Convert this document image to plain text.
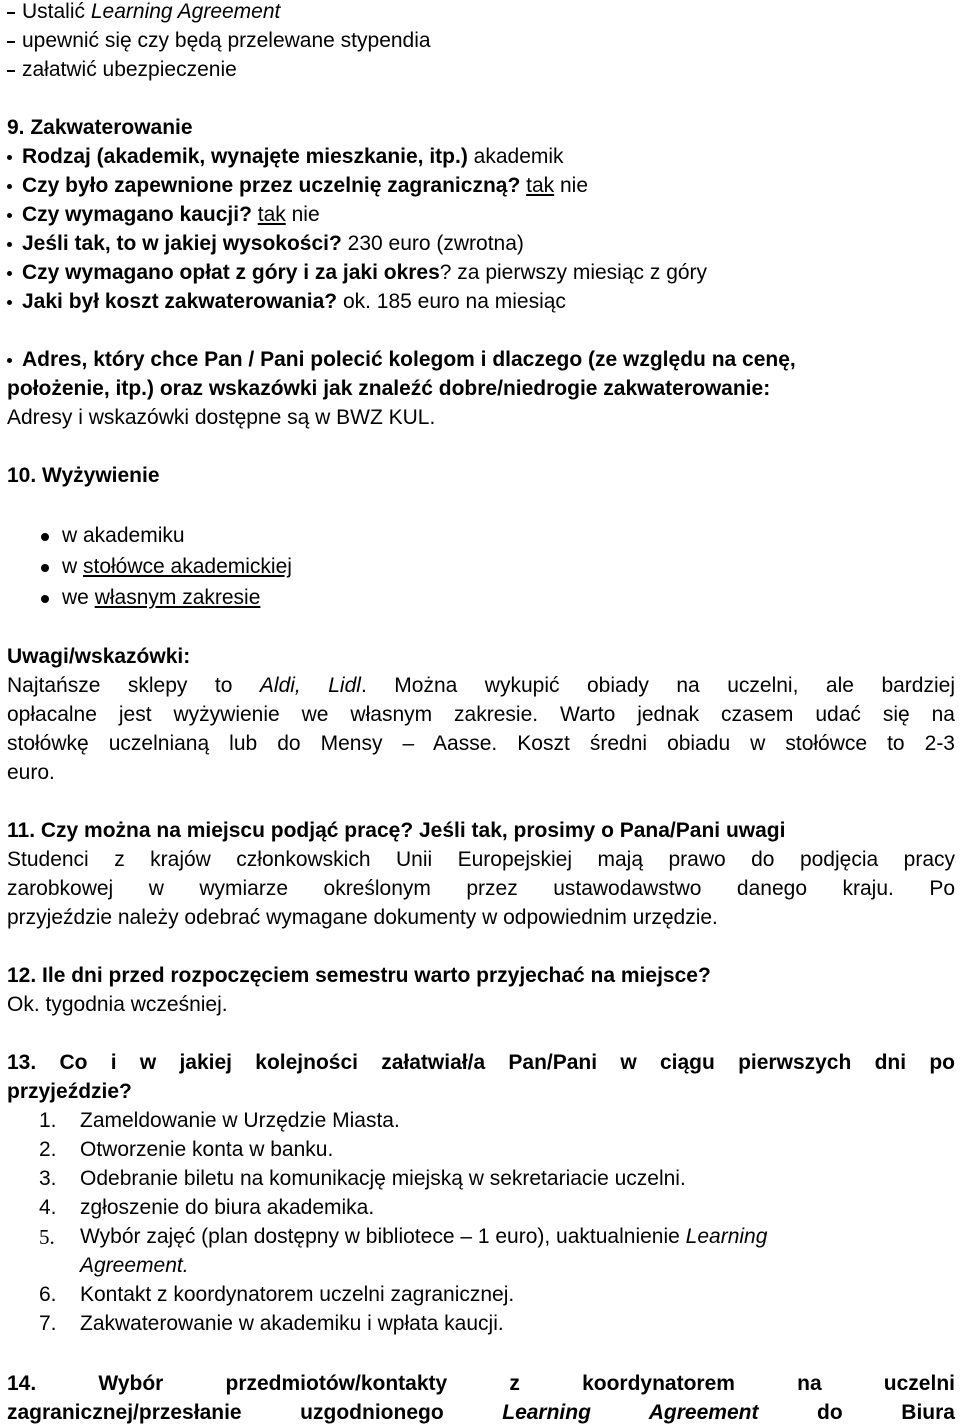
Ustalić Learning Agreement
upewnić się czy będą przelewane stypendia
załatwić ubezpieczenie
9. Zakwaterowanie
Rodzaj (akademik, wynajęte mieszkanie, itp.) akademik
Czy było zapewnione przez uczelnię zagraniczną? tak nie
Czy wymagano kaucji? tak nie
Jeśli tak, to w jakiej wysokości? 230 euro (zwrotna)
Czy wymagano opłat z góry i za jaki okres? za pierwszy miesiąc z góry
Jaki był koszt zakwaterowania? ok. 185 euro na miesiąc
Adres, który chce Pan / Pani polecić kolegom i dlaczego (ze względu na cenę,
położenie, itp.) oraz wskazówki jak znaleźć dobre/niedrogie zakwaterowanie:
Adresy i wskazówki dostępne są w BWZ KUL.
10. Wyżywienie
w akademiku
w stołówce akademickiej
we własnym zakresie
Uwagi/wskazówki:
Najtańsze sklepy to Aldi, Lidl. Można wykupić obiady na uczelni, ale bardziej
opłacalne jest wyżywienie we własnym zakresie. Warto jednak czasem udać się na
stołówkę uczelnianą lub do Mensy – Aasse. Koszt średni obiadu w stołówce to 2-3
euro.
11. Czy można na miejscu podjąć pracę? Jeśli tak, prosimy o Pana/Pani uwagi
Studenci z krajów członkowskich Unii Europejskiej mają prawo do podjęcia pracy
zarobkowej w wymiarze określonym przez ustawodawstwo danego kraju. Po
przyjeździe należy odebrać wymagane dokumenty w odpowiednim urzędzie.
12. Ile dni przed rozpoczęciem semestru warto przyjechać na miejsce?
Ok. tygodnia wcześniej.
13. Co i w jakiej kolejności załatwiał/a Pan/Pani w ciągu pierwszych dni po
przyjeździe?
1. Zameldowanie w Urzędzie Miasta.
2. Otworzenie konta w banku.
3. Odebranie biletu na komunikację miejską w sekretariacie uczelni.
4. zgłoszenie do biura akademika.
5. Wybór zajęć (plan dostępny w bibliotece – 1 euro), uaktualnienie Learning
Agreement.
6. Kontakt z koordynatorem uczelni zagranicznej.
7. Zakwaterowanie w akademiku i wpłata kaucji.
14. Wybór przedmiotów/kontakty z koordynatorem na uczelni
zagranicznej/przesłanie uzgodnionego Learning Agreement do Biura
